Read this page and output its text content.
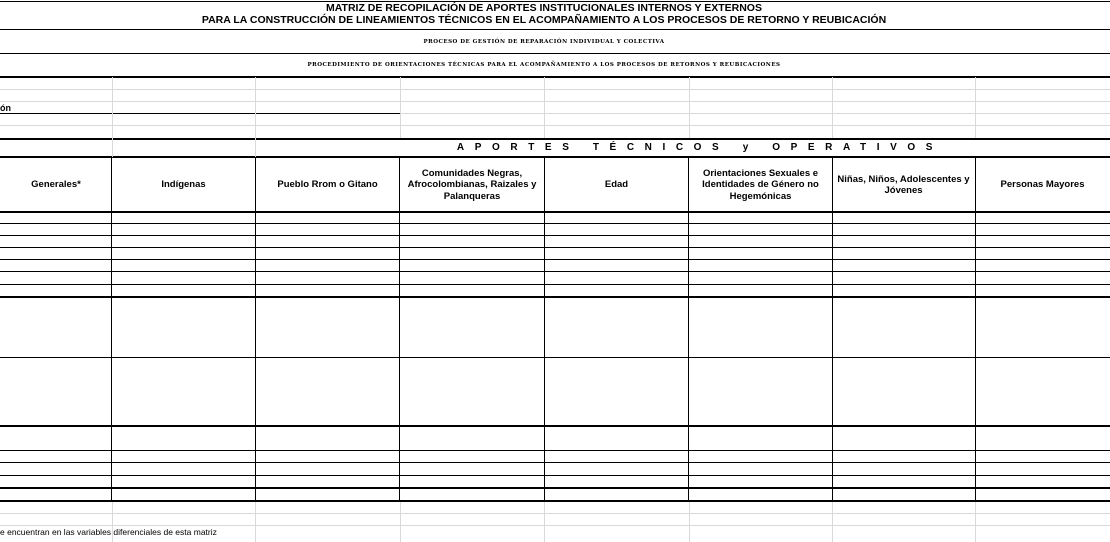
MATRIZ DE RECOPILACIÓN DE APORTES INSTITUCIONALES INTERNOS Y EXTERNOS
PARA LA CONSTRUCCIÓN DE LINEAMIENTOS TÉCNICOS EN EL ACOMPAÑAMIENTO A LOS PROCESOS DE RETORNO Y REUBICACIÓN
PROCESO DE GESTIÓN DE REPARACIÓN INDIVIDUAL Y COLECTIVA
PROCEDIMIENTO DE ORIENTACIONES TÉCNICAS PARA EL ACOMPAÑAMIENTO A LOS PROCESOS DE RETORNOS Y REUBICACIONES
ón
APORTES TÉCNICOS y OPERATIVOS
Generales*	Indígenas	Pueblo Rrom o Gitano
Comunidades Negras, Afrocolombianas, Raizales y Palanqueras
Edad
Orientaciones Sexuales e Identidades de Género no Hegemónicas
Niñas, Niños, Adolescentes y Jóvenes
Personas Mayores
e encuentran en las variables diferenciales de esta matriz
